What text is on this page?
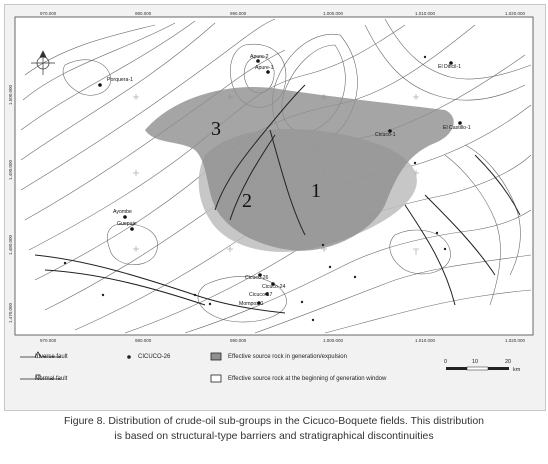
970.000	980.000	990.000	1.000.000	1.010.000	1.020.000
970.000	980.000	990.000	1.000.000	1.010.000	1.020.000
1.500.000
1.490.000
1.480.000
1.470.000
1
2
3
Apure-2
Apure-1
Porquera-1
El Dificil-1
El Castillo-1
Cicuco-1
Ayombe
Guepaje
Cicuco-26
Cicuco-24
Cicuco-17
Mompos-1
0	10	20
km
Inverse fault
Normal fault
CICUCO-26	Effective source rock in generation/expulsion
Effective source rock at the beginning of generation window
Figure 8. Distribution of crude-oil sub-groups in the Cicuco-Boquete fields. This distribution
is based on structural-type barriers and stratigraphical discontinuities
